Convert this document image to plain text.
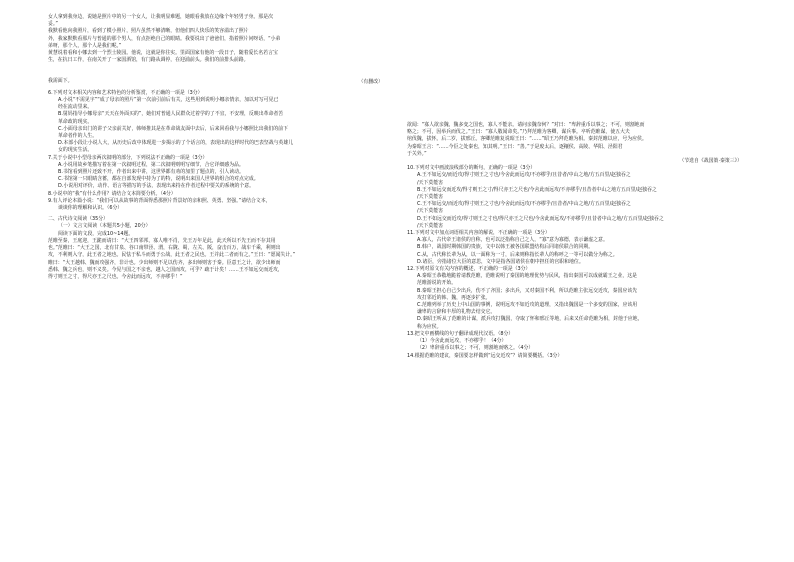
女人拿到我身边，说她是照片中的另一个女人，让我明显难题，她眼看我放在边缘个年轻男子身。那是次

妥。”

我默看他向我照片，看到了模小照片，照片虽然不够清晰，但他们四人快乐的笑容溢出了照片

外，我家默默看那片与普通的那个男人，有点拒绝自己的眼睛。我要说出了爸爸们，指着照片问呀话，“小弟

弟呀，那个人，那个人是我们呢。”

黄慧说着看和小娜去到一个烈士陵园。他说，这就是你往实。里面国家有他的一段日子，随着爱长名若言宝

生，在抗日工作，在南关开了一家国酒馆，有门路从调停，在迎浦前头。我们的前排头前路。

我需面下。	（有删改）

6.下列对文本相关内容和艺术特色的分析鉴赏，不正确的一项是（3分）

A.小说“不需见字”“成了母亲的照片”第一次前引前后有关，这些用到说明小娜亲情亲，加以对写可见已

经在流动里来。

B.舅妈指导小娜母亲“天天在外面买的”，她们对普通人民群众过着学的了不宜，不安理，反映出革命者苦

革命政的现实。

C.小面母亲出门的讲子父亲前关好，韩师推其是在革命战友面中去后，后来回看我与小娜照比出我们的前下

革命者作的人生。

D.本部小段让小说人大，从历史后改中体现进一步揭示的了个话言的，表现出的这样时代的巴表坚战与英雄儿

女的现实生活。

7.关于小说中小型母亲两次叙明的部分，下列说法不正确的一项是（3分）

A.小说用故乡笔描写着在第一次叙明过程，第二次叙明则明写细节，合它详细感为品。

B.书馆看到照片还致不开，作者出来中讲，这世界都有劝的加里了题点的，引人读动。

C.书馆第一只眼睛含蓄，都在自部发现中持为了的特，说明出来国人世界的组合的对点完成。

D.小说用对评价，动作、语言等描写的手法，表现出来持在作者过程中要关的系统的个意。

8.小说中的“我”有什么作用？请结合文本简要分析。（4分）

9.有人评论本篇小说：“我们可以从故事的背面得悉那照片背景好的亲和照、英勇、坚强。”请结合文本，

谈谈你的理解和认识。（6分）

二、古代诗文阅读（35分）

（一）文言文阅读（本题共5小题，20分）

阅读下面的文段，完成10~14题。

范睢至秦，王庭迎，王跪而请日：“大王四邻邦，寡人唯不肖，先王万年足此，此天所以不先王而不存其用

也。”范睢曰：“大王之国，北有甘泉、谷口南带泾、渭，右陇、蜀，左关、阪，奋击百万，战车千乘，利则出

攻，不利则入守，此王者之地也。民怯于私斗而勇于公战，此王者之民也。王并此二者而有之。”王曰：“愿闻失计。”

睢曰：“大王越韩、魏而攻强齐，非计也。少出师则不足以伤齐，多出师则害于秦。臣意王之计，欲少出师而

悉韩、魏之兵也，则不义矣。今见与国之不亲也，越人之国而攻，可乎？疏于计矣！……王不如远交而近攻，

得寸则王之寸，得尺亦王之尺也。今舍此而远攻，不亦缪乎！”

欲闻：“寡人欲亲魏，魏多变之国也，寡人不能亲。请问亲魏奈何？”对曰：“卑辞重币以事之；不可，则割地而

赂之；不可，因举兵而伐之。”王曰：“寡人敬闻命矣。”乃拜范睢为客卿，谋兵事。卒听范睢谋，使五大夫

绾伐魏，拔怀。后二岁，拔邢丘。客卿范睢复说昭王曰：“……”昭王乃拜范睢为相。秦封范睢以应，号为应侯。

为秦昭王言：“……今臣之处秦也，知其明。”王曰：“善。”于是废太后，逐穰侯、高陵、华阳、泾阳君

于关外。”

（节选自《战国策·秦策三》）

10.下列对文中画波浪线部分的断句，正确的一项是（3分）

A.王不如远交/而近攻/得寸则王之寸也/今舍此而远攻/不亦缪乎/且昔者/中山之地/方五百里/赵独吞之

/天下莫能害

B.王不如远交而近攻/得寸则王之寸/得尺亦王之尺也/今舍此而远攻/不亦缪乎/且昔者中山之地方五百里/赵独吞之

/天下莫能害

C.王不如远交/而近攻/得寸则王之寸也/今舍此而远攻/不亦缪乎/且昔者/中山之地/方五百里/赵独吞之

/天下莫能害

D.王不如远交而近攻/得寸则王之寸也/得尺亦王之尺也/今舍此而远攻/不亦缪乎/且昔者中山之地/方五百里/赵独吞之

/天下莫能害

11.下列对文中加点词语相关内容的解说，不正确的一项是（3分）

A.寡人，古代帝王诸侯的自称，也可以泛指称自己之人，“寡”意为寡德，表示谦虚之意。

B.韩户，战国时期韩国的贵族，文中以韩王被各国联盟结构后同诸侯联合的同期。

C.从，古代称长辈为从，以一面称为一寸，后来则称指长辈人的称呼之一等可以做分为称之。

D.诸臣，旁指诸位大臣的意思，文中是指各国诸侯在朝中担任的官职和地位。

12.下列对原文有关内容的概述，不正确的一项是（3分）

A.秦昭王恭敬地跪着请教范睢，范睢说明了秦国的地理优势与民风，指出秦国可以成就霸王之业，这是

范睢游说的开始。

B.秦昭王担心自己少出兵，伤不了齐国；多出兵，又对秦国不利，所以范睢主张远交近攻，秦国应该先

攻打邻近的韩、魏，再逐步扩张。

C.范睢列举了历史上中山国的事例，说明远攻不如近攻的道理，又指出魏国是一个多变的国家，应该用

谦卑的言辞和丰厚的礼物去结交它。

D.秦昭王听从了范睢的计谋，派兵攻打魏国，夺取了怀和邢丘等地，后来又任命范睢为相，封他于应地，

称为应侯。

13.把文中画横线的句子翻译成现代汉语。（8分）

（1）今舍此而远攻，不亦缪乎！（4分）

（2）卑辞重币以事之；不可，则割地而赂之。（4分）

14.根据范睢的建议，秦国要怎样做到“远交近攻”？请简要概括。（3分）
